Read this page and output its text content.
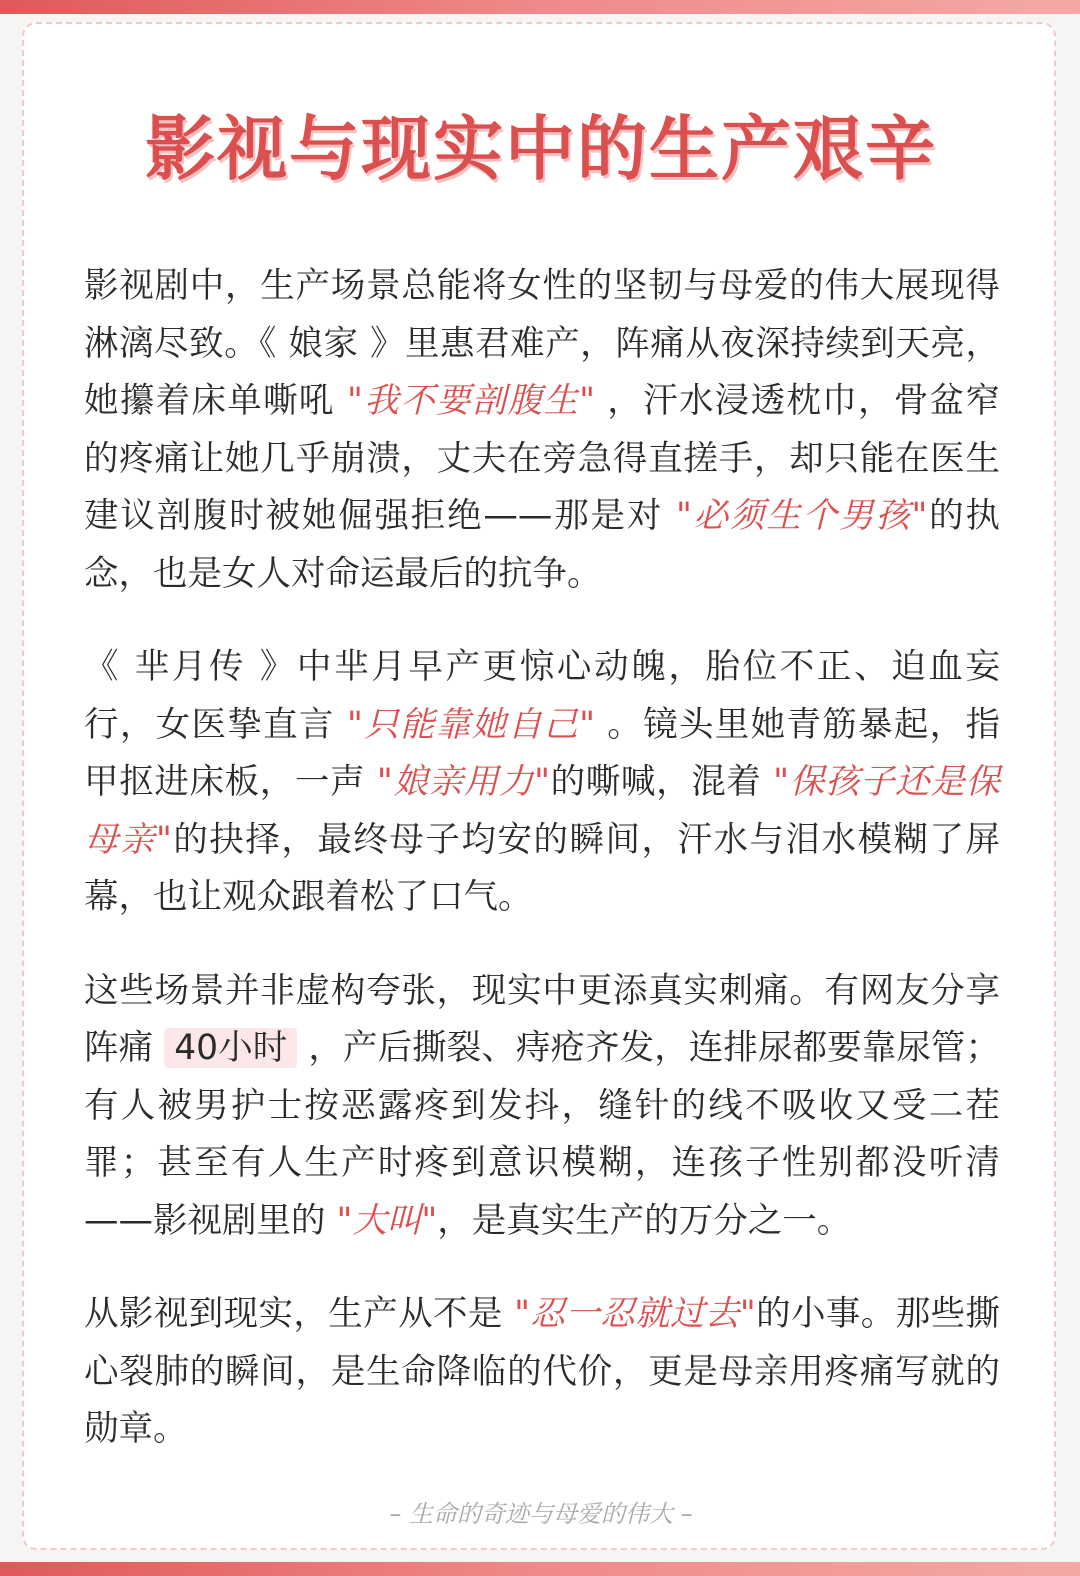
影视与现实中的生产艰辛

影视剧中，生产场景总能将女性的坚韧与母爱的伟大展现得淋漓尽致。《 娘家 》里惠君难产，阵痛从夜深持续到天亮，她攥着床单嘶吼 "我不要剖腹生" ，汗水浸透枕巾，骨盆窄的疼痛让她几乎崩溃，丈夫在旁急得直搓手，却只能在医生建议剖腹时被她倔强拒绝——那是对 "必须生个男孩"的执念，也是女人对命运最后的抗争。

《 芈月传 》中芈月早产更惊心动魄，胎位不正、迫血妄行，女医挚直言 "只能靠她自己" 。镜头里她青筋暴起，指甲抠进床板，一声 "娘亲用力"的嘶喊，混着 "保孩子还是保母亲"的抉择，最终母子均安的瞬间，汗水与泪水模糊了屏幕，也让观众跟着松了口气。

这些场景并非虚构夸张，现实中更添真实刺痛。有网友分享阵痛 40小时 ，产后撕裂、痔疮齐发，连排尿都要靠尿管；有人被男护士按恶露疼到发抖，缝针的线不吸收又受二茬罪；甚至有人生产时疼到意识模糊，连孩子性别都没听清——影视剧里的 "大叫"，是真实生产的万分之一。

从影视到现实，生产从不是 "忍一忍就过去"的小事。那些撕心裂肺的瞬间，是生命降临的代价，更是母亲用疼痛写就的勋章。

– 生命的奇迹与母爱的伟大 –
